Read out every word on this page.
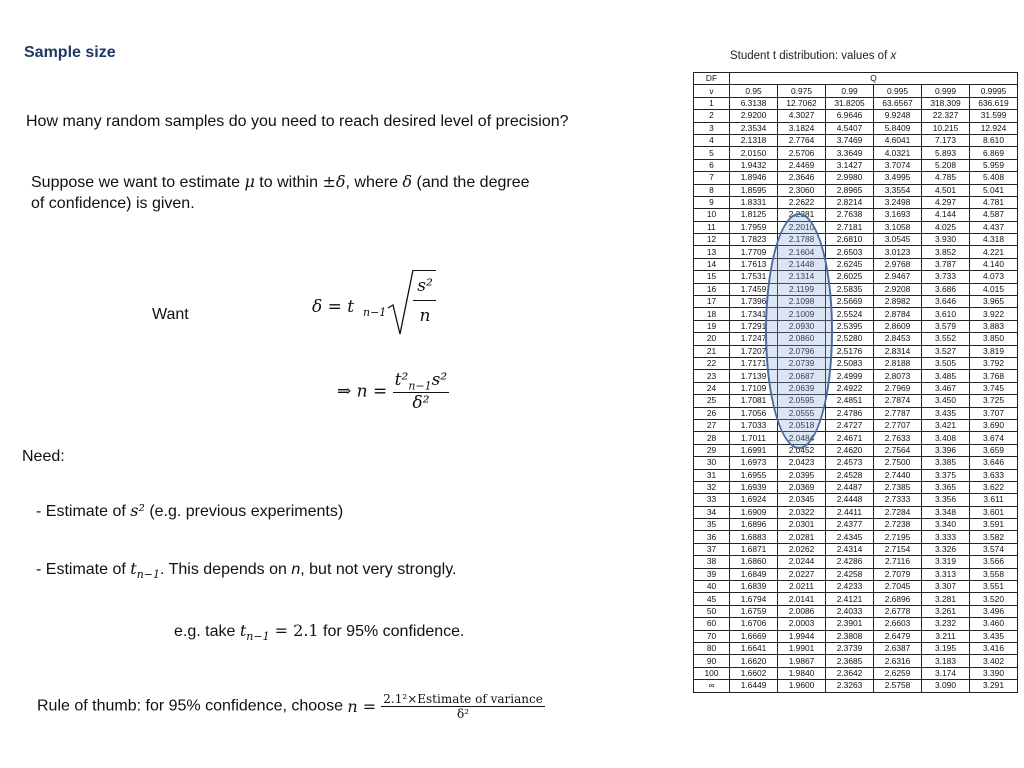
Sample size
How many random samples do you need to reach desired level of precision?
Suppose we want to estimate μ to within ±δ, where δ (and the degree
of confidence) is given.
Want	δ = t n−1
s²
n
⇒ $n = \frac{t^2_{n-1}s^2}{\text{δ²}}$
Need:
- Estimate of s² (e.g. previous experiments)
- Estimate of $t_{n-1}$. This depends on n, but not very strongly.
e.g. take $t_{n-1} = 2.1$ for 95% confidence.
Rule of thumb: for 95% confidence, choose $n = \frac{\text{2.1²×Estimate of variance}}{\text{δ²}}$
Student t distribution: values of x
DF	Q					
v	0.95	0.975	0.99	0.995	0.999	0.9995
1	6.3138	12.7062	31.8205	63.6567	318.309	636.619
2	2.9200	4.3027	6.9646	9.9248	22.327	31.599
3	2.3534	3.1824	4.5407	5.8409	10.215	12.924
4	2.1318	2.7764	3.7469	4.6041	7.173	8.610
5	2.0150	2.5706	3.3649	4.0321	5.893	6.869
6	1.9432	2.4469	3.1427	3.7074	5.208	5.959
7	1.8946	2.3646	2.9980	3.4995	4.785	5.408
8	1.8595	2.3060	2.8965	3.3554	4.501	5.041
9	1.8331	2.2622	2.8214	3.2498	4.297	4.781
10	1.8125	2.2281	2.7638	3.1693	4.144	4.587
11	1.7959	2.2010	2.7181	3.1058	4.025	4.437
12	1.7823	2.1788	2.6810	3.0545	3.930	4.318
13	1.7709	2.1604	2.6503	3.0123	3.852	4.221
14	1.7613	2.1448	2.6245	2.9768	3.787	4.140
15	1.7531	2.1314	2.6025	2.9467	3.733	4.073
16	1.7459	2.1199	2.5835	2.9208	3.686	4.015
17	1.7396	2.1098	2.5669	2.8982	3.646	3.965
18	1.7341	2.1009	2.5524	2.8784	3.610	3.922
19	1.7291	2.0930	2.5395	2.8609	3.579	3.883
20	1.7247	2.0860	2.5280	2.8453	3.552	3.850
21	1.7207	2.0796	2.5176	2.8314	3.527	3.819
22	1.7171	2.0739	2.5083	2.8188	3.505	3.792
23	1.7139	2.0687	2.4999	2.8073	3.485	3.768
24	1.7109	2.0639	2.4922	2.7969	3.467	3.745
25	1.7081	2.0595	2.4851	2.7874	3.450	3.725
26	1.7056	2.0555	2.4786	2.7787	3.435	3.707
27	1.7033	2.0518	2.4727	2.7707	3.421	3.690
28	1.7011	2.0484	2.4671	2.7633	3.408	3.674
29	1.6991	2.0452	2.4620	2.7564	3.396	3.659
30	1.6973	2.0423	2.4573	2.7500	3.385	3.646
31	1.6955	2.0395	2.4528	2.7440	3.375	3.633
32	1.6939	2.0369	2.4487	2.7385	3.365	3.622
33	1.6924	2.0345	2.4448	2.7333	3.356	3.611
34	1.6909	2.0322	2.4411	2.7284	3.348	3.601
35	1.6896	2.0301	2.4377	2.7238	3.340	3.591
36	1.6883	2.0281	2.4345	2.7195	3.333	3.582
37	1.6871	2.0262	2.4314	2.7154	3.326	3.574
38	1.6860	2.0244	2.4286	2.7116	3.319	3.566
39	1.6849	2.0227	2.4258	2.7079	3.313	3.558
40	1.6839	2.0211	2.4233	2.7045	3.307	3.551
45	1.6794	2.0141	2.4121	2.6896	3.281	3.520
50	1.6759	2.0086	2.4033	2.6778	3.261	3.496
60	1.6706	2.0003	2.3901	2.6603	3.232	3.460
70	1.6669	1.9944	2.3808	2.6479	3.211	3.435
80	1.6641	1.9901	2.3739	2.6387	3.195	3.416
90	1.6620	1.9867	2.3685	2.6316	3.183	3.402
100	1.6602	1.9840	2.3642	2.6259	3.174	3.390
∞	1.6449	1.9600	2.3263	2.5758	3.090	3.291
